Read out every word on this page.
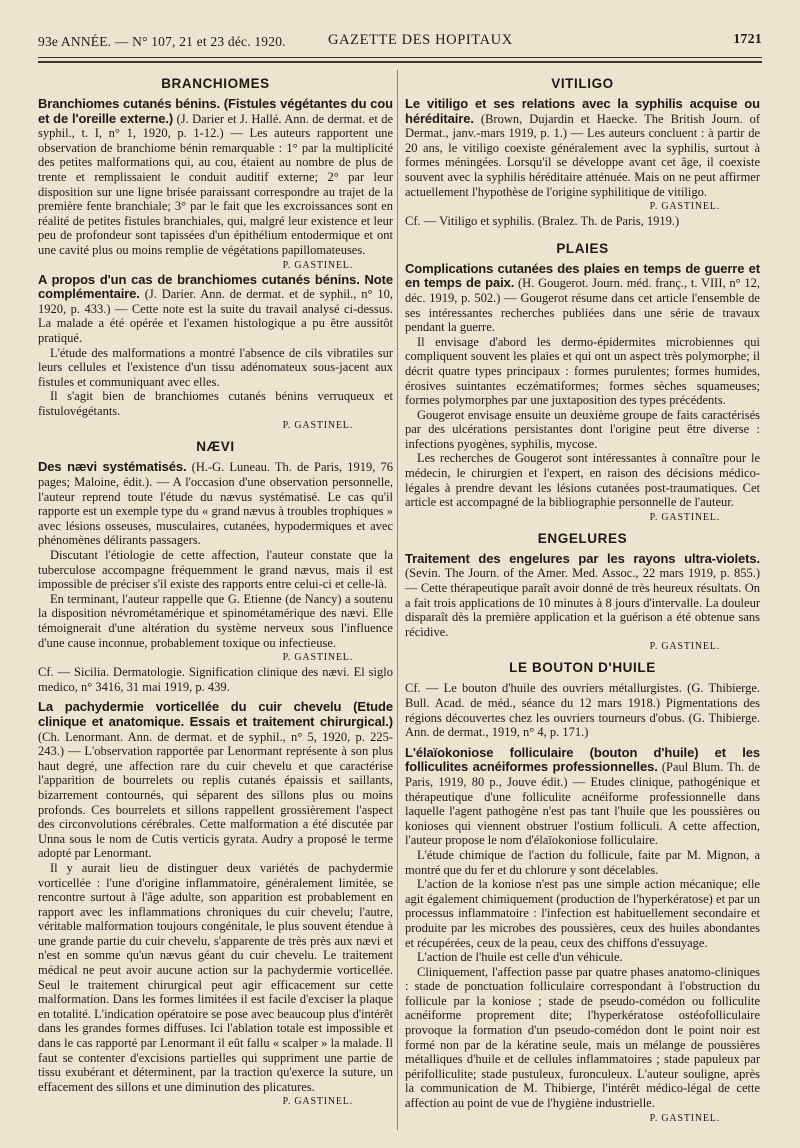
93e ANNÉE. — N° 107, 21 et 23 déc. 1920.	GAZETTE DES HOPITAUX	1721
BRANCHIOMES

Branchiomes cutanés bénins. (Fistules végétantes du cou et de l'oreille externe.) (J. Darier et J. Hallé. Ann. de dermat. et de syphil., t. I, n° 1, 1920, p. 1-12.) — Les auteurs rapportent une observation de branchiome bénin remarquable : 1° par la multiplicité des petites malformations qui, au cou, étaient au nombre de plus de trente et remplissaient le conduit auditif externe; 2° par leur disposition sur une ligne brisée paraissant correspondre au trajet de la première fente branchiale; 3° par le fait que les excroissances sont en réalité de petites fistules branchiales, qui, malgré leur existence et leur peu de profondeur sont tapissées d'un épithélium entodermique et ont une cavité plus ou moins remplie de végétations papillomateuses.

P. GASTINEL.

A propos d'un cas de branchiomes cutanés bénins. Note complémentaire. (J. Darier. Ann. de dermat. et de syphil., n° 10, 1920, p. 433.) — Cette note est la suite du travail analysé ci-dessus. La malade a été opérée et l'examen histologique a pu être aussitôt pratiqué.

L'étude des malformations a montré l'absence de cils vibratiles sur leurs cellules et l'existence d'un tissu adénomateux sous-jacent aux fistules et communiquant avec elles.

Il s'agit bien de branchiomes cutanés bénins verruqueux et fistulovégétants.

P. GASTINEL.
NÆVI

Des nævi systématisés. (H.-G. Luneau. Th. de Paris, 1919, 76 pages; Maloine, édit.). — A l'occasion d'une observation personnelle, l'auteur reprend toute l'étude du nævus systématisé. Le cas qu'il rapporte est un exemple type du « grand nævus à troubles trophiques » avec lésions osseuses, musculaires, cutanées, hypodermiques et avec phénomènes délirants passagers.

Discutant l'étiologie de cette affection, l'auteur constate que la tuberculose accompagne fréquemment le grand nævus, mais il est impossible de préciser s'il existe des rapports entre celui-ci et celle-là.

En terminant, l'auteur rappelle que G. Etienne (de Nancy) a soutenu la disposition névrométamérique et spinométamérique des nævi. Elle témoignerait d'une altération du système nerveux sous l'influence d'une cause inconnue, probablement toxique ou infectieuse.

P. GASTINEL.

Cf. — Sicilia. Dermatologie. Signification clinique des nævi. El siglo medico, n° 3416, 31 mai 1919, p. 439.

La pachydermie vorticellée du cuir chevelu (Etude clinique et anatomique. Essais et traitement chirurgical.) (Ch. Lenormant. Ann. de dermat. et de syphil., n° 5, 1920, p. 225-243.) — L'observation rapportée par Lenormant représente à son plus haut degré, une affection rare du cuir chevelu et que caractérise l'apparition de bourrelets ou replis cutanés épaissis et saillants, bizarrement contournés, qui séparent des sillons plus ou moins profonds. Ces bourrelets et sillons rappellent grossièrement l'aspect des circonvolutions cérébrales. Cette malformation a été discutée par Unna sous le nom de Cutis verticis gyrata. Audry a proposé le terme adopté par Lenormant.

Il y aurait lieu de distinguer deux variétés de pachydermie vorticellée : l'une d'origine inflammatoire, généralement limitée, se rencontre surtout à l'âge adulte, son apparition est probablement en rapport avec les inflammations chroniques du cuir chevelu; l'autre, véritable malformation toujours congénitale, le plus souvent étendue à une grande partie du cuir chevelu, s'apparente de très près aux nævi et n'est en somme qu'un nævus géant du cuir chevelu. Le traitement médical ne peut avoir aucune action sur la pachydermie vorticellée. Seul le traitement chirurgical peut agir efficacement sur cette malformation. Dans les formes limitées il est facile d'exciser la plaque en totalité. L'indication opératoire se pose avec beaucoup plus d'intérêt dans les grandes formes diffuses. Ici l'ablation totale est impossible et dans le cas rapporté par Lenormant il eût fallu « scalper » la malade. Il faut se contenter d'excisions partielles qui suppriment une partie de tissu exubérant et déterminent, par la traction qu'exerce la suture, un effacement des sillons et une diminution des plicatures.

P. GASTINEL.
VITILIGO

Le vitiligo et ses relations avec la syphilis acquise ou héréditaire. (Brown, Dujardin et Haecke. The British Journ. of Dermat., janv.-mars 1919, p. 1.) — Les auteurs concluent : à partir de 20 ans, le vitiligo coexiste généralement avec la syphilis, surtout à formes méningées. Lorsqu'il se développe avant cet âge, il coexiste souvent avec la syphilis héréditaire atténuée. Mais on ne peut affirmer actuellement l'hypothèse de l'origine syphilitique de vitiligo.

P. GASTINEL.

Cf. — Vitiligo et syphilis. (Bralez. Th. de Paris, 1919.)

PLAIES

Complications cutanées des plaies en temps de guerre et en temps de paix. (H. Gougerot. Journ. méd. franç., t. VIII, n° 12, déc. 1919, p. 502.) — Gougerot résume dans cet article l'ensemble de ses intéressantes recherches publiées dans une série de travaux pendant la guerre.

Il envisage d'abord les dermo-épidermites microbiennes qui compliquent souvent les plaies et qui ont un aspect très polymorphe; il décrit quatre types principaux : formes purulentes; formes humides, érosives suintantes eczématiformes; formes sèches squameuses; formes polymorphes par une juxtaposition des types précédents.

Gougerot envisage ensuite un deuxième groupe de faits caractérisés par des ulcérations persistantes dont l'origine peut être diverse : infections pyogènes, syphilis, mycose.

Les recherches de Gougerot sont intéressantes à connaître pour le médecin, le chirurgien et l'expert, en raison des décisions médico-légales à prendre devant les lésions cutanées post-traumatiques. Cet article est accompagné de la bibliographie personnelle de l'auteur.

P. GASTINEL.
ENGELURES

Traitement des engelures par les rayons ultra-violets. (Sevin. The Journ. of the Amer. Med. Assoc., 22 mars 1919, p. 855.) — Cette thérapeutique paraît avoir donné de très heureux résultats. On a fait trois applications de 10 minutes à 8 jours d'intervalle. La douleur disparaît dès la première application et la guérison a été obtenue sans récidive.

P. GASTINEL.
LE BOUTON D'HUILE

Cf. — Le bouton d'huile des ouvriers métallurgistes. (G. Thibierge. Bull. Acad. de méd., séance du 12 mars 1918.) Pigmentations des régions découvertes chez les ouvriers tourneurs d'obus. (G. Thibierge. Ann. de dermat., 1919, n° 4, p. 171.)

L'élaïokoniose folliculaire (bouton d'huile) et les folliculites acnéiformes professionnelles. (Paul Blum. Th. de Paris, 1919, 80 p., Jouve édit.) — Etudes clinique, pathogénique et thérapeutique d'une folliculite acnéiforme professionnelle dans laquelle l'agent pathogène n'est pas tant l'huile que les poussières ou konioses qui viennent obstruer l'ostium folliculi. A cette affection, l'auteur propose le nom d'élaïokoniose folliculaire.

L'étude chimique de l'action du follicule, faite par M. Mignon, a montré que du fer et du chlorure y sont décelables.

L'action de la koniose n'est pas une simple action mécanique; elle agit également chimiquement (production de l'hyperkératose) et par un processus inflammatoire : l'infection est habituellement secondaire et produite par les microbes des poussières, ceux des huiles abondantes et récupérées, ceux de la peau, ceux des chiffons d'essuyage.

L'action de l'huile est celle d'un véhicule.

Cliniquement, l'affection passe par quatre phases anatomo-cliniques : stade de ponctuation folliculaire correspondant à l'obstruction du follicule par la koniose ; stade de pseudo-comédon ou folliculite acnéiforme proprement dite; l'hyperkératose ostéofolliculaire provoque la formation d'un pseudo-comédon dont le point noir est formé non par de la kératine seule, mais un mélange de poussières métalliques d'huile et de cellules inflammatoires ; stade papuleux par périfolliculite; stade pustuleux, furonculeux. L'auteur souligne, après la communication de M. Thibierge, l'intérêt médico-légal de cette affection au point de vue de l'hygiène industrielle.

P. GASTINEL.
